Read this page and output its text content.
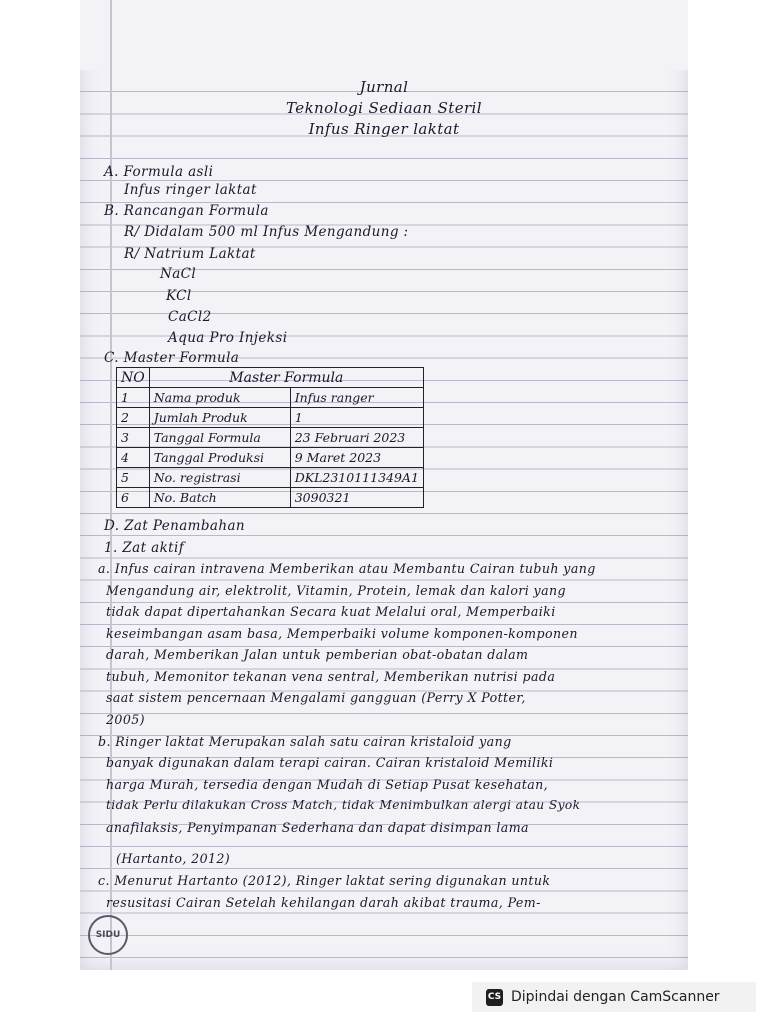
Jurnal
Teknologi Sediaan Steril
Infus Ringer laktat
A. Formula asli
Infus ringer laktat
B. Rancangan Formula
R/ Didalam 500 ml Infus Mengandung :
R/ Natrium Laktat
NaCl
KCl
CaCl2
Aqua Pro Injeksi
C. Master Formula
NO	Master Formula	
1	Nama produk	Infus ranger
2	Jumlah Produk	1
3	Tanggal Formula	23 Februari 2023
4	Tanggal Produksi	9 Maret 2023
5	No. registrasi	DKL2310111349A1
6	No. Batch	3090321
D. Zat Penambahan
1. Zat aktif
a. Infus cairan intravena Memberikan atau Membantu Cairan tubuh yang
Mengandung air, elektrolit, Vitamin, Protein, lemak dan kalori yang
tidak dapat dipertahankan Secara kuat Melalui oral, Memperbaiki
keseimbangan asam basa, Memperbaiki volume komponen-komponen
darah, Memberikan Jalan untuk pemberian obat-obatan dalam
tubuh, Memonitor tekanan vena sentral, Memberikan nutrisi pada
saat sistem pencernaan Mengalami gangguan (Perry X Potter,
2005)
b. Ringer laktat Merupakan salah satu cairan kristaloid yang
banyak digunakan dalam terapi cairan. Cairan kristaloid Memiliki
harga Murah, tersedia dengan Mudah di Setiap Pusat kesehatan,
tidak Perlu dilakukan Cross Match, tidak Menimbulkan alergi atau Syok
anafilaksis, Penyimpanan Sederhana dan dapat disimpan lama
(Hartanto, 2012)
c. Menurut Hartanto (2012), Ringer laktat sering digunakan untuk
resusitasi Cairan Setelah kehilangan darah akibat trauma, Pem-
SIDU
CS Dipindai dengan CamScanner
